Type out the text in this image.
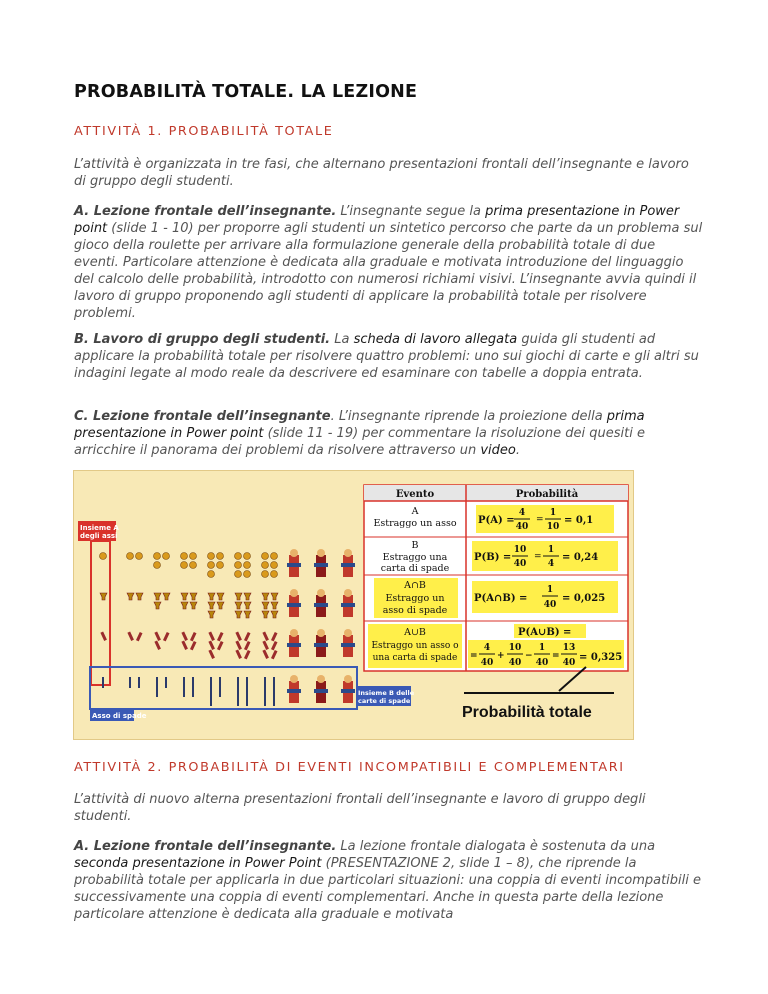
PROBABILITÀ TOTALE. LA LEZIONE
ATTIVITÀ 1. PROBABILITÀ TOTALE

L’attività è organizzata in tre fasi, che alternano presentazioni frontali dell’insegnante e lavoro di gruppo degli studenti.

A. Lezione frontale dell’insegnante. L’insegnante segue la prima presentazione in Power point (slide 1 - 10) per proporre agli studenti un sintetico percorso che parte da un problema sul gioco della roulette per arrivare alla formulazione generale della probabilità totale di due eventi. Particolare attenzione è dedicata alla graduale e motivata introduzione del linguaggio del calcolo delle probabilità, introdotto con numerosi richiami visivi. L’insegnante avvia quindi il lavoro di gruppo proponendo agli studenti di applicare la probabilità totale per risolvere problemi.

B. Lavoro di gruppo degli studenti. La scheda di lavoro allegata guida gli studenti ad applicare la probabilità totale per risolvere quattro problemi: uno sui giochi di carte e gli altri su indagini legate al modo reale da descrivere ed esaminare con tabelle a doppia entrata.

C. Lezione frontale dell’insegnante. L’insegnante riprende la proiezione della prima presentazione in Power point (slide 11 - 19) per commentare la risoluzione dei quesiti e arricchire il panorama dei problemi da risolvere attraverso un video.

Insieme A
degli assi
Insieme B delle
carte di spade
Asso di spade
Evento	Probabilità
A
Estraggo un asso P(A) =
4
40
=
1
10
= 0,1
B
Estraggo una
carta di spade
P(B) =
10
40
=
1
4
= 0,24
A∩B
Estraggo un
asso di spade
P(A∩B) =
1
40
= 0,025
A∪B
Estraggo un asso o
una carta di spade
P(A∪B) =
=
4
40
+
10
40
−
1
40
=
13
40 = 0,325
Probabilità totale
ATTIVITÀ 2. PROBABILITÀ DI EVENTI INCOMPATIBILI E COMPLEMENTARI

L’attività di nuovo alterna presentazioni frontali dell’insegnante e lavoro di gruppo degli studenti.

A. Lezione frontale dell’insegnante. La lezione frontale dialogata è sostenuta da una seconda presentazione in Power Point (PRESENTAZIONE 2, slide 1 – 8), che riprende la probabilità totale per applicarla in due particolari situazioni: una coppia di eventi incompatibili e successivamente una coppia di eventi complementari. Anche in questa parte della lezione particolare attenzione è dedicata alla graduale e motivata
